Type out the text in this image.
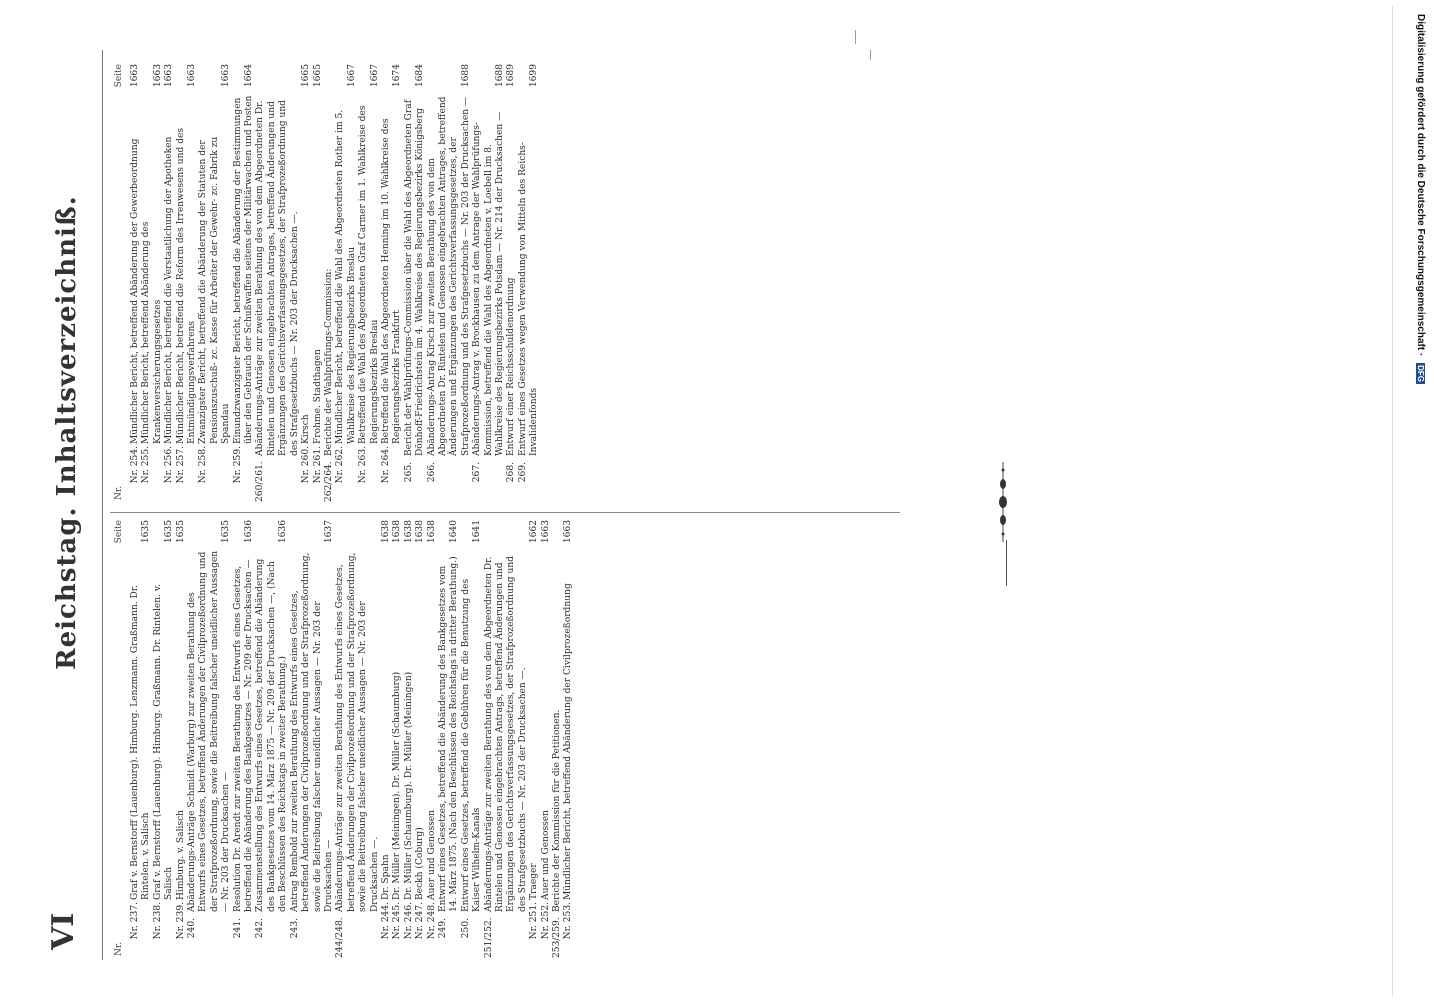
VI
Reichstag. Inhaltsverzeichniß.
Nr.
Seite
Nr. 237.
Graf v. Bernstorff (Lauenburg). Himburg. Lenzmann. Graßmann. Dr. Rintelen. v. Salisch
1635
Nr. 238.
Graf v. Bernstorff (Lauenburg). Himburg. Graßmann. Dr. Rintelen. v. Salisch
1635
Nr. 239.
Himburg. v. Salisch
1635
240.
Abänderungs-Anträge Schmidt (Warburg) zur zweiten Berathung des Entwurfs eines Gesetzes, betreffend Änderungen der Civilprozeßordnung und der Strafprozeßordnung, sowie die Beitreibung falscher uneidlicher Aussagen — Nr. 203 der Drucksachen —
1635
241.
Resolution Dr. Arendt zur zweiten Berathung des Entwurfs eines Gesetzes, betreffend die Abänderung des Bankgesetzes — Nr. 209 der Drucksachen —
1636
242.
Zusammenstellung des Entwurfs eines Gesetzes, betreffend die Abänderung des Bankgesetzes vom 14. März 1875 — Nr. 209 der Drucksachen —, (Nach den Beschlüssen des Reichstags in zweiter Berathung.)
1636
243.
Antrag Rembold zur zweiten Berathung des Entwurfs eines Gesetzes, betreffend Änderungen der Civilprozeßordnung und der Strafprozeßordnung, sowie die Beitreibung falscher uneidlicher Aussagen — Nr. 203 der Drucksachen —
1637
244/248.
Abänderungs-Anträge zur zweiten Berathung des Entwurfs eines Gesetzes, betreffend Änderungen der Civilprozeßordnung und der Strafprozeßordnung, sowie die Beitreibung falscher uneidlicher Aussagen — Nr. 203 der Drucksachen —.
Nr. 244.
Dr. Spahn
1638
Nr. 245.
Dr. Müller (Meiningen). Dr. Müller (Schaumburg)
1638
Nr. 246.
Dr. Müller (Schaumburg). Dr. Müller (Meiningen)
1638
Nr. 247.
Beckh (Coburg)
1638
Nr. 248.
Auer und Genossen
1638
249.
Entwurf eines Gesetzes, betreffend die Abänderung des Bankgesetzes vom 14. März 1875. (Nach den Beschlüssen des Reichstags in dritter Berathung.)
1640
250.
Entwurf eines Gesetzes, betreffend die Gebühren für die Benutzung des Kaiser Wilhelm-Kanals
1641
251/252.
Abänderungs-Anträge zur zweiten Berathung des von dem Abgeordneten Dr. Rintelen und Genossen eingebrachten Antrags, betreffend Änderungen und Ergänzungen des Gerichtsverfassungsgesetzes, der Strafprozeßordnung und des Strafgesetzbuchs — Nr. 203 der Drucksachen —.
Nr. 251.
Traeger
1662
Nr. 252.
Auer und Genossen
1663
253/259.
Berichte der Kommission für die Petitionen.
Nr. 253.
Mündlicher Bericht, betreffend Abänderung der Civilprozeßordnung
1663
Nr.
Seite
Nr. 254.
Mündlicher Bericht, betreffend Abänderung der Gewerbeordnung
1663
Nr. 255.
Mündlicher Bericht, betreffend Abänderung des Krankenversicherungsgesetzes
1663
Nr. 256.
Mündlicher Bericht, betreffend die Verstaatlichung der Apotheken
1663
Nr. 257.
Mündlicher Bericht, betreffend die Reform des Irrenwesens und des Entmündigungsverfahrens
1663
Nr. 258.
Zwanzigster Bericht, betreffend die Abänderung der Statuten der Pensionszuschuß- zc. Kasse für Arbeiter der Gewehr- zc. Fabrik zu Spandau
1663
Nr. 259.
Einundzwanzigster Bericht, betreffend die Abänderung der Bestimmungen über den Gebrauch der Schußwaffen seitens der Militärwachen und Posten
1664
260/261.
Abänderungs-Anträge zur zweiten Berathung des von dem Abgeordneten Dr. Rintelen und Genossen eingebrachten Antrages, betreffend Änderungen und Ergänzungen des Gerichtsverfassungsgesetzes, der Strafprozeßordnung und des Strafgesetzbuchs — Nr. 203 der Drucksachen —.
Nr. 260.
Kirsch
1665
Nr. 261.
Frohme. Stadthagen
1665
262/264.
Berichte der Wahlprüfungs-Commission:
Nr. 262.
Mündlicher Bericht, betreffend die Wahl des Abgeordneten Rother im 5. Wahlkreise des Regierungsbezirks Breslau
1667
Nr. 263.
Betreffend die Wahl des Abgeordneten Graf Carmer im 1. Wahlkreise des Regierungsbezirks Breslau
1667
Nr. 264.
Betreffend die Wahl des Abgeordneten Henning im 10. Wahlkreise des Regierungsbezirks Frankfurt
1674
265.
Bericht der Wahlprüfungs-Commission über die Wahl des Abgeordneten Graf Dönhoff-Friedrichstein im 4. Wahlkreise des Regierungsbezirks Königsberg
1684
266.
Abänderungs-Antrag Kirsch zur zweiten Berathung des von dem Abgeordneten Dr. Rintelen und Genossen eingebrachten Antrages, betreffend Änderungen und Ergänzungen des Gerichtsverfassungsgesetzes, der Strafprozeßordnung und des Strafgesetzbuchs — Nr. 203 der Drucksachen —
1688
267.
Abänderungs-Antrag v. Brockhausen zu dem Antrage der Wahlprüfungs-Kommission, betreffend die Wahl des Abgeordneten v. Loebell im 8. Wahlkreise des Regierungsbezirks Potsdam — Nr. 214 der Drucksachen —
1688
268.
Entwurf einer Reichsschuldenordnung
1689
269.
Entwurf eines Gesetzes wegen Verwendung von Mitteln des Reichs-Invalidenfonds
1699	Digitalisierung gefördert durch die Deutsche Forschungsgemeinschaft · DFG
